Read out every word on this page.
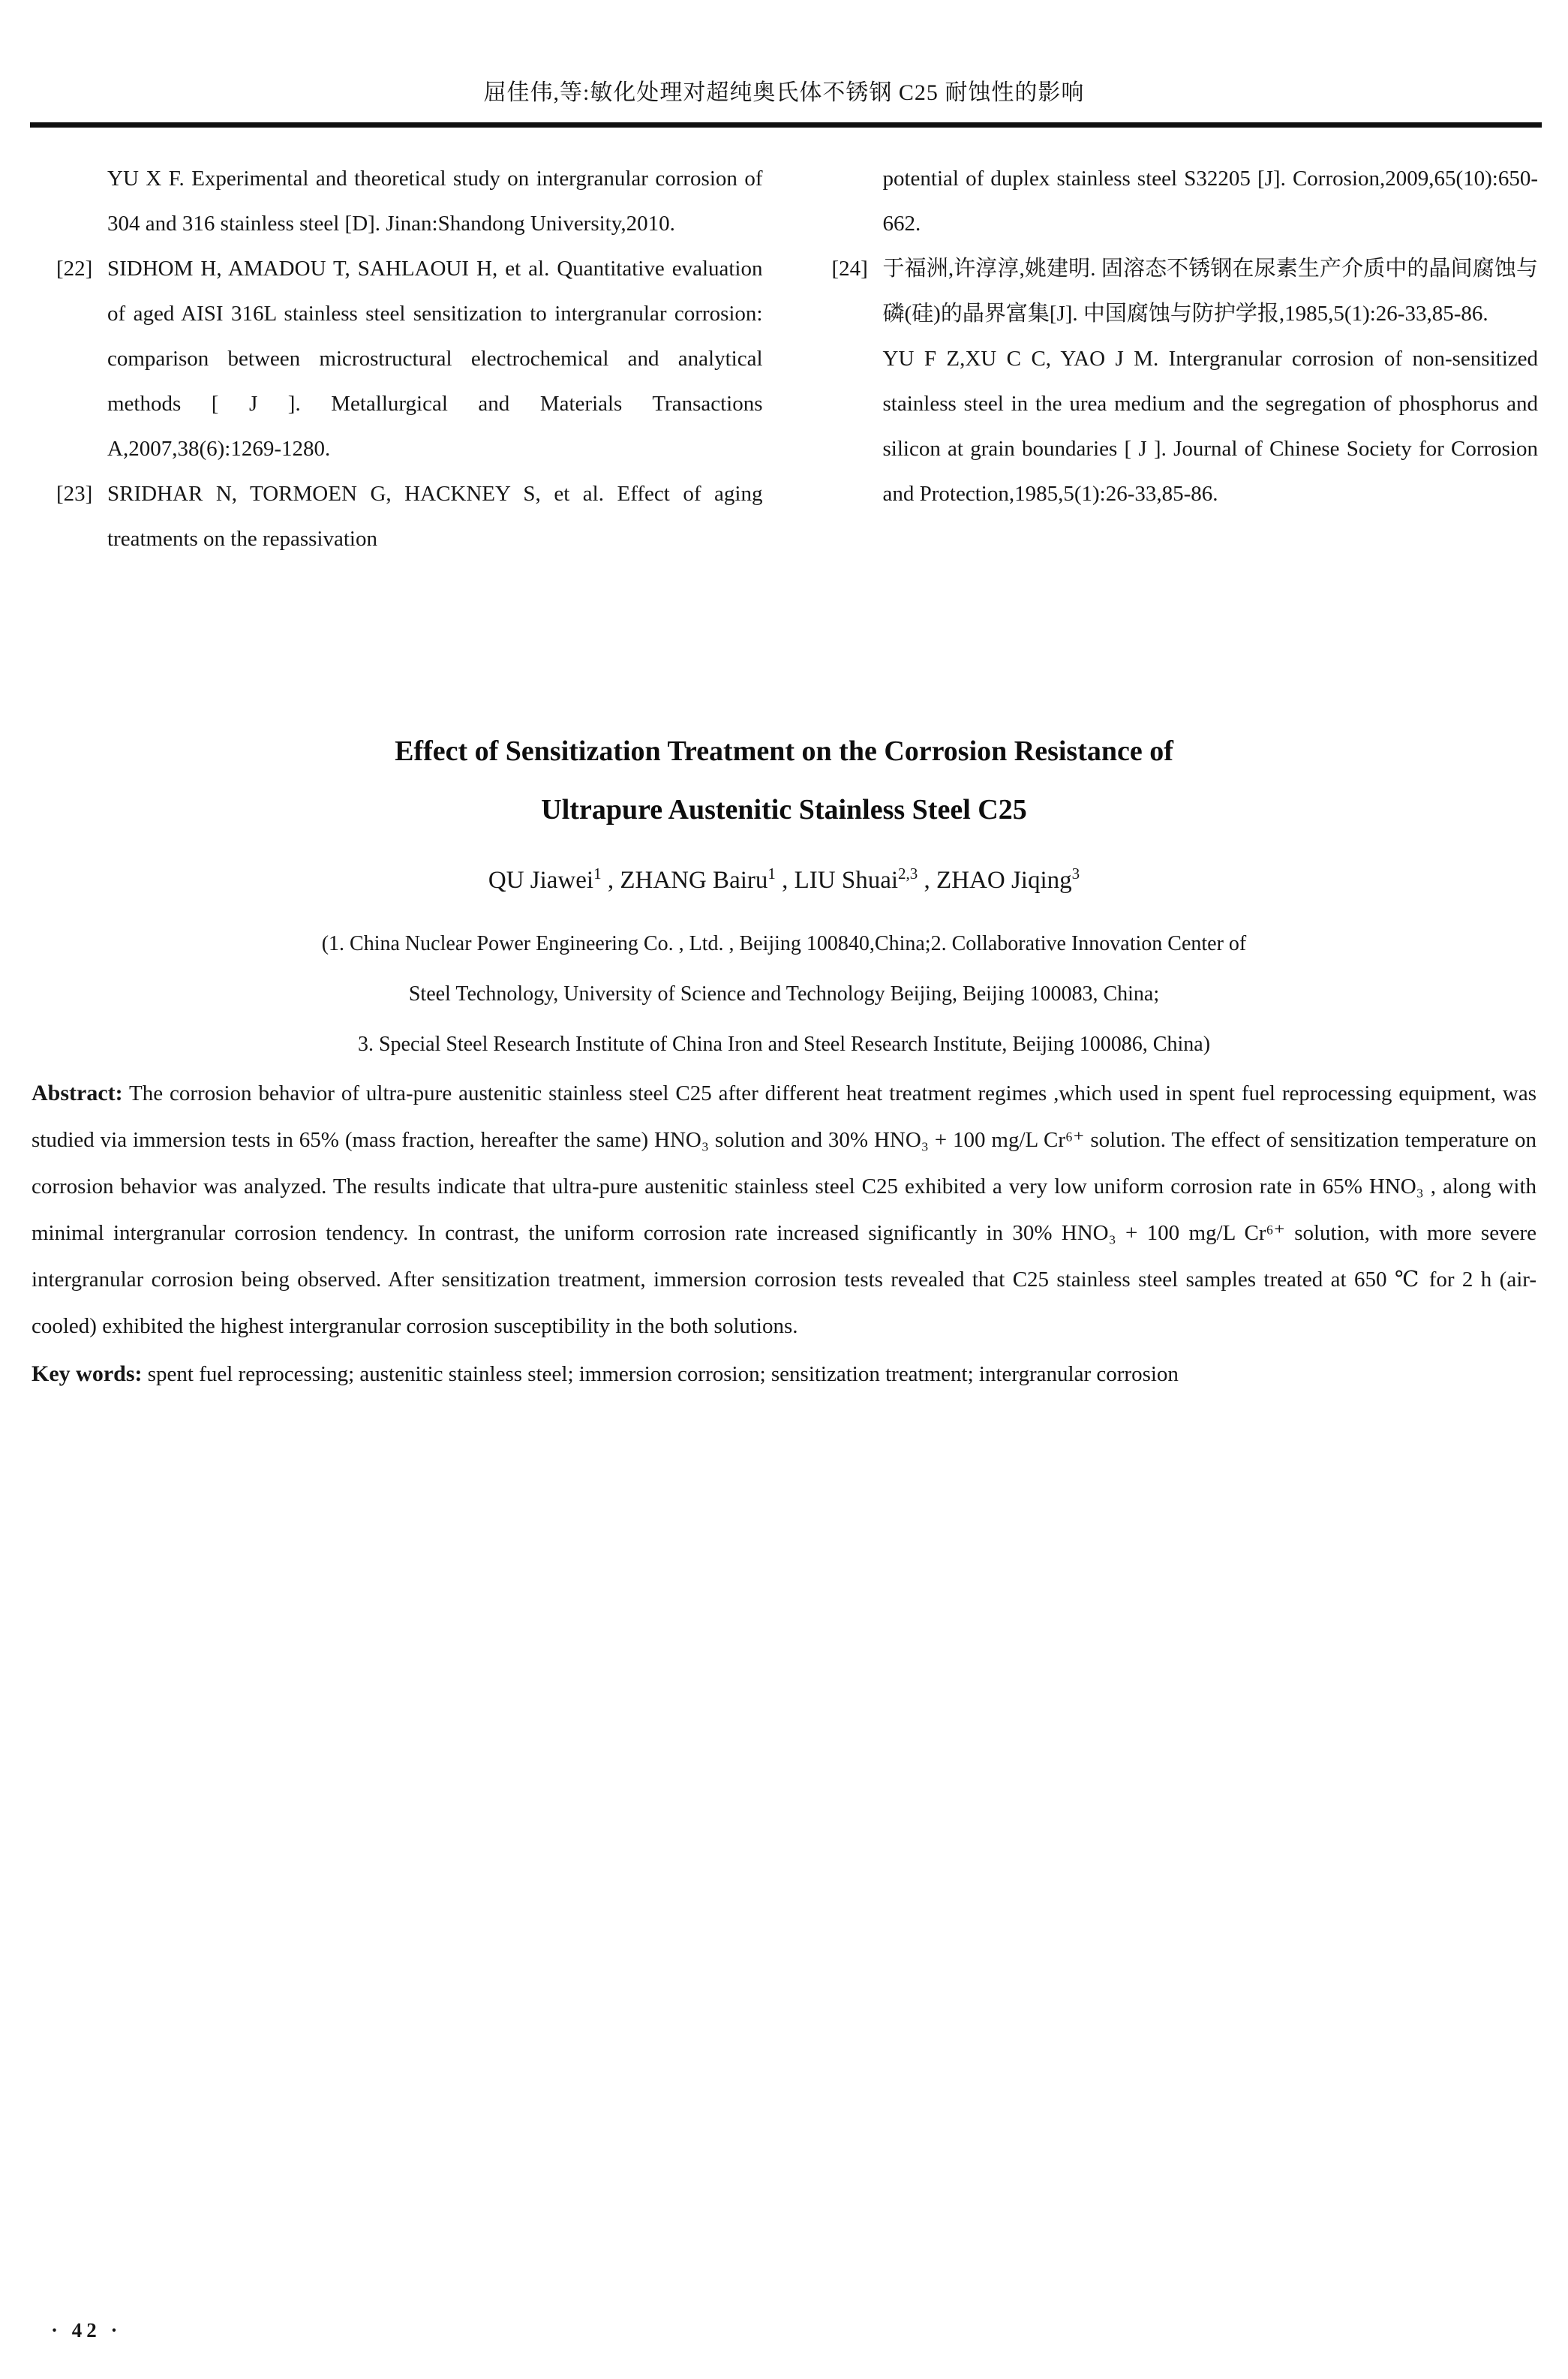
屈佳伟,等:敏化处理对超纯奥氏体不锈钢 C25 耐蚀性的影响
YU X F. Experimental and theoretical study on intergranular corrosion of 304 and 316 stainless steel [D]. Jinan:Shandong University,2010.
[22] SIDHOM H, AMADOU T, SAHLAOUI H, et al. Quantitative evaluation of aged AISI 316L stainless steel sensitization to intergranular corrosion: comparison between microstructural electrochemical and analytical methods [ J ]. Metallurgical and Materials Transactions A,2007,38(6):1269-1280.
[23] SRIDHAR N, TORMOEN G, HACKNEY S, et al. Effect of aging treatments on the repassivation
potential of duplex stainless steel S32205 [J]. Corrosion,2009,65(10):650-662.
[24] 于福洲,许淳淳,姚建明. 固溶态不锈钢在尿素生产介质中的晶间腐蚀与磷(硅)的晶界富集[J]. 中国腐蚀与防护学报,1985,5(1):26-33,85-86.
YU F Z,XU C C, YAO J M. Intergranular corrosion of non-sensitized stainless steel in the urea medium and the segregation of phosphorus and silicon at grain boundaries [ J ]. Journal of Chinese Society for Corrosion and Protection,1985,5(1):26-33,85-86.
Effect of Sensitization Treatment on the Corrosion Resistance of
Ultrapure Austenitic Stainless Steel C25
QU Jiawei$^1$ , ZHANG Bairu$^1$ , LIU Shuai$^{2,3}$ , ZHAO Jiqing$^3$
(1. China Nuclear Power Engineering Co. , Ltd. , Beijing 100840,China;2. Collaborative Innovation Center of
Steel Technology, University of Science and Technology Beijing, Beijing 100083, China;
3. Special Steel Research Institute of China Iron and Steel Research Institute, Beijing 100086, China)

Abstract: The corrosion behavior of ultra-pure austenitic stainless steel C25 after different heat treatment regimes ,which used in spent fuel reprocessing equipment, was studied via immersion tests in 65% (mass fraction, hereafter the same) HNO₃ solution and 30% HNO₃ + 100 mg/L Cr⁶⁺ solution. The effect of sensitization temperature on corrosion behavior was analyzed. The results indicate that ultra-pure austenitic stainless steel C25 exhibited a very low uniform corrosion rate in 65% HNO₃ , along with minimal intergranular corrosion tendency. In contrast, the uniform corrosion rate increased significantly in 30% HNO₃ + 100 mg/L Cr⁶⁺ solution, with more severe intergranular corrosion being observed. After sensitization treatment, immersion corrosion tests revealed that C25 stainless steel samples treated at 650 ℃ for 2 h (air-cooled) exhibited the highest intergranular corrosion susceptibility in the both solutions.

Key words: spent fuel reprocessing; austenitic stainless steel; immersion corrosion; sensitization treatment; intergranular corrosion

· 42 ·
